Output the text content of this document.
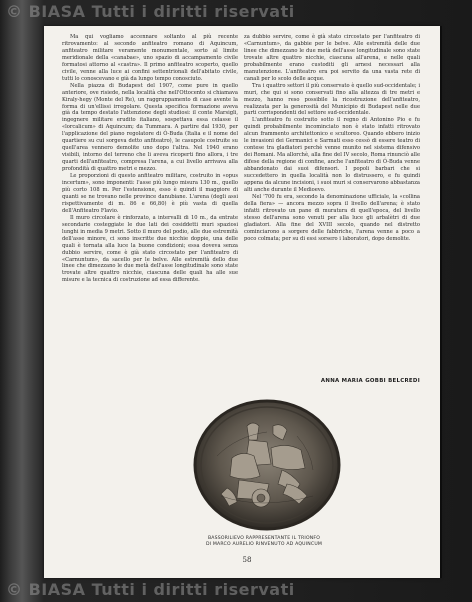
© BIASA Tutti i diritti riservati

Ma qui vogliamo accennare soltanto al più recente ritrovamento: al secondo anfiteatro romano di Aquincum, anfiteatro militare veramente monumentale, sorto al limite meridionale della «canabae», uno spazio di accampamento civile formatosi attorno al «castra». Il primo anfiteatro scoperto, quello civile, venne alla luce ai confini settentrionali dell'abitato civile, tutti lo conoscevano e già da lungo tempo conosciuto.

Nella piazza di Budapest del 1907, come pure in quello anteriore, ove risiede, nella località che nell'Ottocento si chiamava Kiraly-hegy (Monte del Re), un raggruppamento di case avente la forma di un'ellissi irregolare. Questa specifica formazione aveva già da tempo destato l'attenzione degli studiosi: il conte Marsigli, ingegnere militare erudito italiano, sospettava essa celasse il «lorcalicum» di Aquincum; da Tummara. A partire dal 1930, per l'applicazione del piano regolatore di Ó-Buda (Italia e il nome del quartiere su cui sorgeva detto anfiteatro), le casupole costruite su quell'area vennero demolite uno dopo l'altra. Nel 1940 erano visibili, intorno del terreno che li aveva ricoperti fino allora, i tre quarti dell'anfiteatro, compresa l'arena, a cui livello arrivava alla profondità di quattro metri e mezzo.

Le proporzioni di questo anfiteatro militare, costruito in «opus incertum», sono imponenti: l'asse più lungo misura 130 m., quello più corto 108 m. Per l'estensione, esso è quindi il maggiore di quanti se ne trovano nelle province danubiane. L'arena (degli assi rispettivamente di m. 86 e 66,80) è più vasta di quella dell'Anfiteatro Flavio.

Il muro circolare è rinforzato, a intervalli di 10 m., da entrate secondarie costeggiate le due lati dei cosiddetti muri spaziosi lunghi in media 9 metri. Sotto il muro del podio, alle due estremità dell'asse minore, ci sono inscritte due nicchie doppie, una delle quali è tornata alla luce la buone condizioni; essa doveva senza dubbio servire, come è già stato circostato per l'anfiteatro di «Carnuntum», da sacello per le belve. Alle estremità dello due linee che dimezzano le due metà dell'asse longitudinale sono state trovate altre quattro nicchie, ciascuna delle quali ha alle sue misure e la tecnica di costruzione ad essa differente.

za dubbio servire, come è già stato circostato per l'anfiteatro di «Carnuntum», da gabbie per le belve. Alle estremità delle due linee che dimezzano le due metà dell'asse longitudinale sono state trovate altre quattro nicchie, ciascuna all'arena, e nelle quali probabilmente erano custoditi gli arnesi necessari alla manutenzione. L'anfiteatro era poi servito da una vasta rete di canali per lo scolo delle acque.

Tra i quattro settori il più conservato è quello sud-occidentale; i muri, che qui si sono conservati fino alla altezza di tre metri e mezzo, hanno reso possibile la ricostruzione dell'anfiteatro, realizzata per la generosità del Municipio di Budapest nelle due parti corrispondenti del settore sud-occidentale.

L'anfiteatro fu costruito sotto il regno di Antonino Pio e fu quindi probabilmente incominciato non è stato infatti ritrovato alcun frammento architettonico e scultoreo. Quando ebbero inizio le invasioni dei Germanici e Sarmati esso cessò di essere teatro di contese tra gladiatori perchè venne munito nel sistema difensivo dei Romani. Ma allorchè, alla fine del IV secolo, Roma rinunciò alle difese della regione di confine, anche l'anfiteatro di Ó-Buda venne abbandonato dai suoi difensori. I popoli barbari che si succedettero in quella località non lo distrussero, e fu quindi appena da alcune incisioni, i suoi muri si conservarono abbastanza alti anche durante il Medioevo.

Nel '700 fu era, secondo la denominazione ufficiale, la «collina della fiera» — ancora mezzo sopra il livello dell'arena; è stato infatti ritrovato un pane di muratura di quell'epoca, del livello stesso dell'arena sono venuti per alla luce gli arbalètri di due gladiatori. Alla fine del XVIII secolo, quando nel distretto cominciarono a sorgere delle fabbriche, l'arena venne a poco a poco colmata; per su di essi sorsero i laboratori, dopo demolite.

ANNA MARIA GOBBI BELCREDI
BASSORILIEVO RAPPRESENTANTE IL TRIONFO
DI MARCO AURELIO RINVENUTO AD AQUINCUM
58
© BIASA Tutti i diritti riservati
